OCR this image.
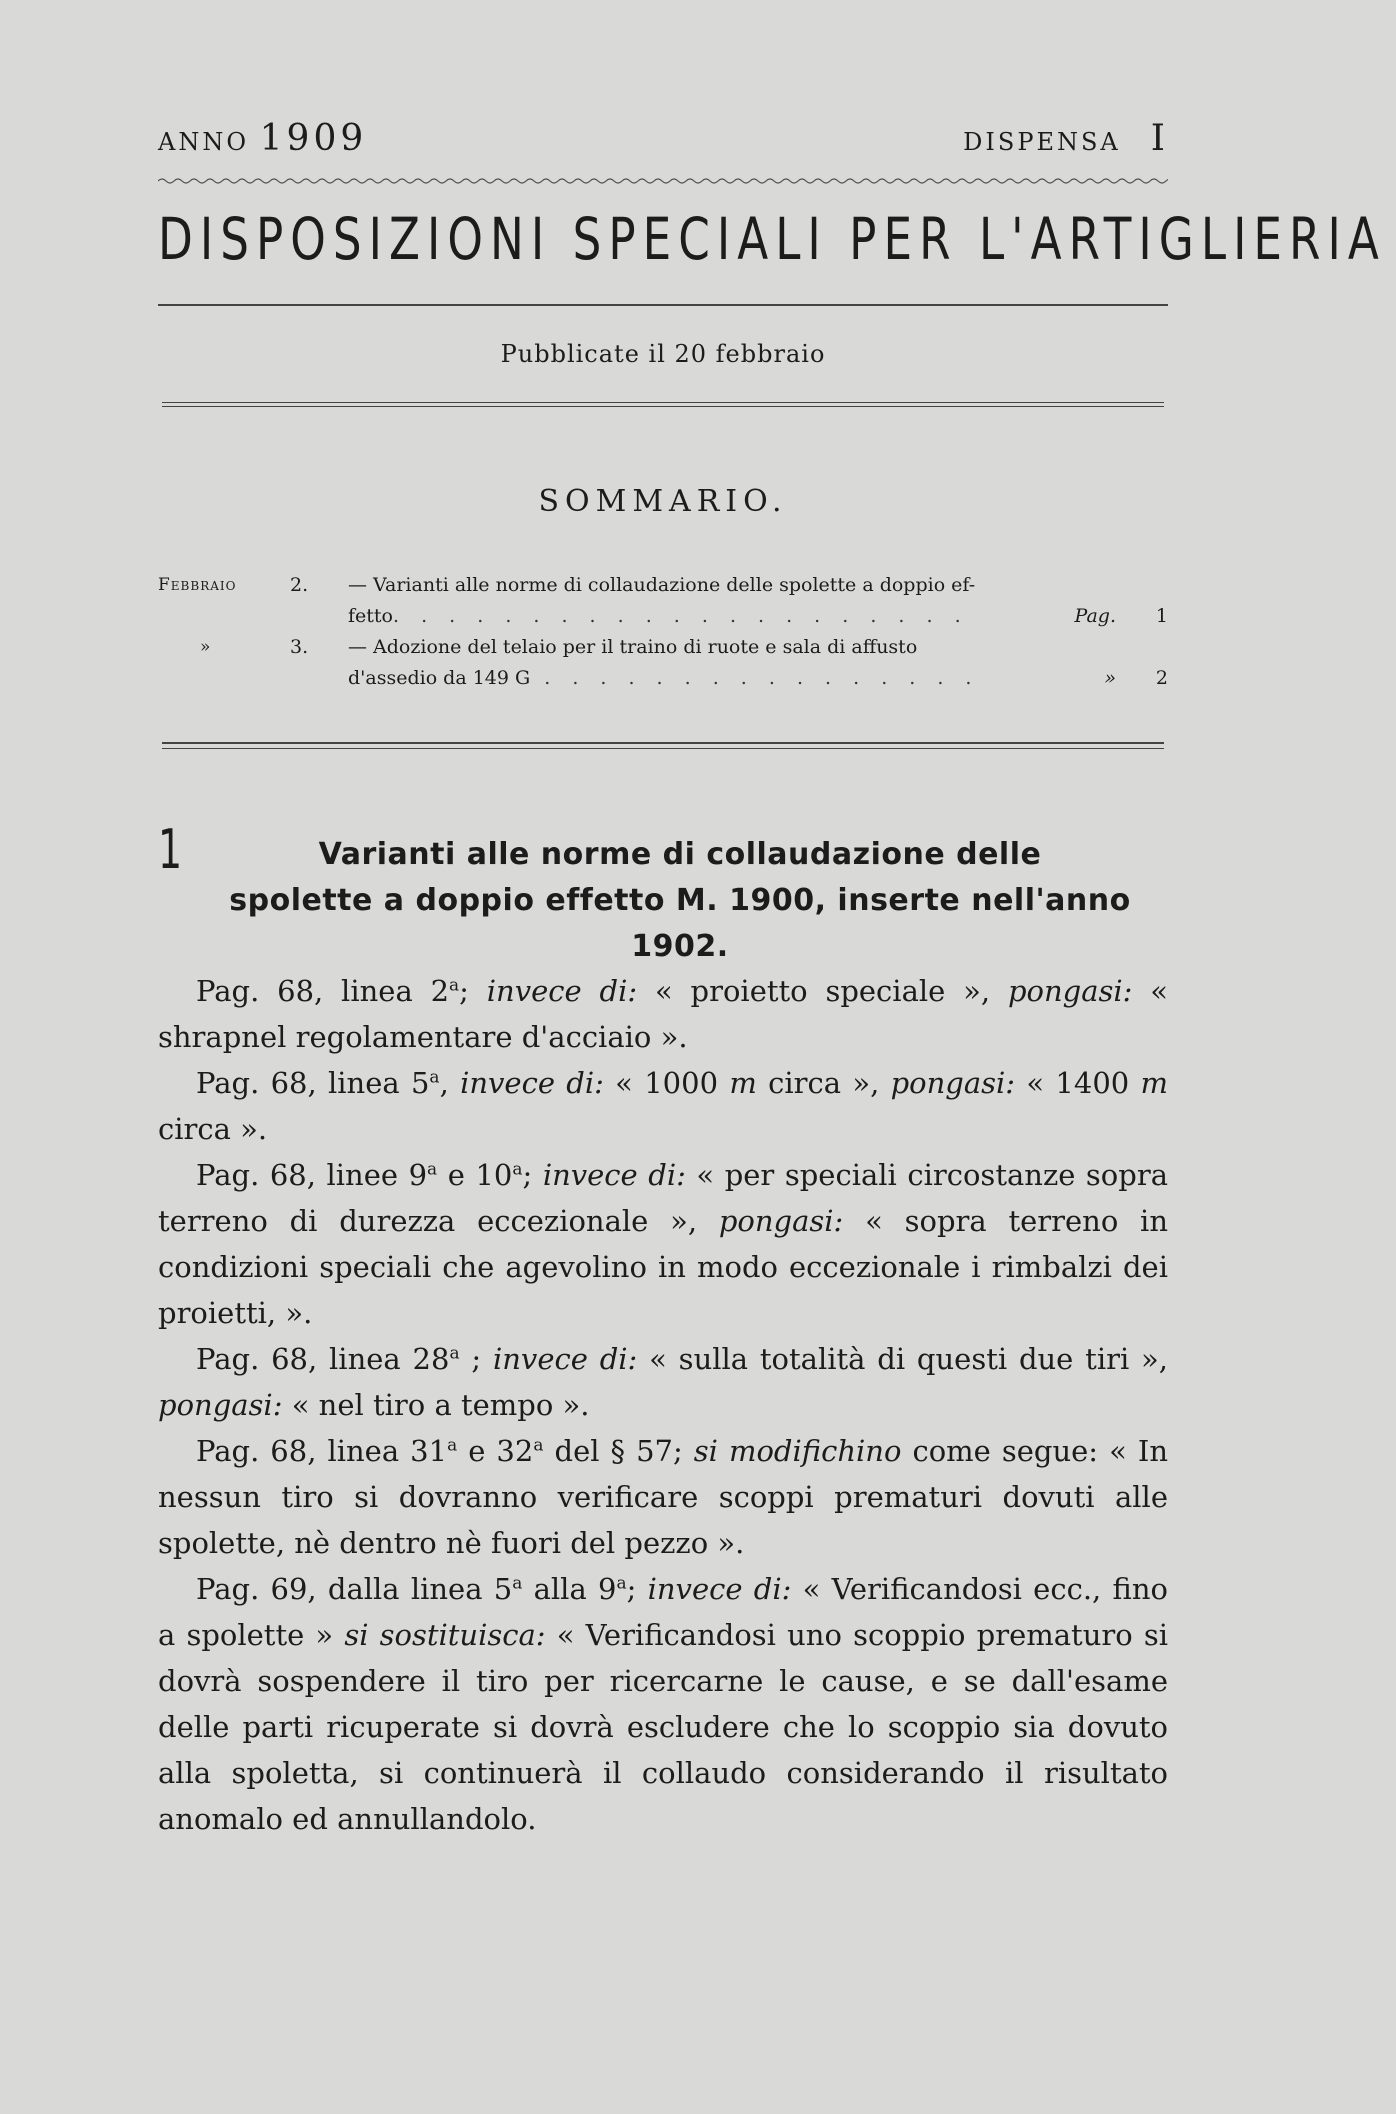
ANNO 1909	DISPENSA I
DISPOSIZIONI SPECIALI PER L'ARTIGLIERIA
Pubblicate il 20 febbraio
SOMMARIO.
Febbraio	2. — Varianti alle norme di collaudazione delle spolette a doppio ef-
fetto. . . . . . . . . . . . . . . . . . . . .	Pag. 1
»	3. — Adozione del telaio per il traino di ruote e sala di affusto
d'assedio da 149 G . . . . . . . . . . . . . . . .	» 2
1	Varianti alle norme di collaudazione delle
spolette a doppio effetto M. 1900, inserte nell'anno 1902.

Pag. 68, linea 2$^a$; invece di: « proietto speciale », pongasi: « shrapnel regolamentare d'acciaio ».

Pag. 68, linea 5$^a$, invece di: « 1000 m circa », pongasi: « 1400 m circa ».

Pag. 68, linee 9$^a$ e 10$^a$; invece di: « per speciali circostanze sopra terreno di durezza eccezionale », pongasi: « sopra terreno in condizioni speciali che agevolino in modo eccezionale i rimbalzi dei proietti, ».

Pag. 68, linea 28$^a$ ; invece di: « sulla totalità di questi due tiri », pongasi: « nel tiro a tempo ».

Pag. 68, linea 31$^a$ e 32$^a$ del § 57; si modifichino come segue: « In nessun tiro si dovranno verificare scoppi prematuri dovuti alle spolette, nè dentro nè fuori del pezzo ».

Pag. 69, dalla linea 5$^a$ alla 9$^a$; invece di: « Verificandosi ecc., fino a spolette » si sostituisca: « Verificandosi uno scoppio prematuro si dovrà sospendere il tiro per ricercarne le cause, e se dall'esame delle parti ricuperate si dovrà escludere che lo scoppio sia dovuto alla spoletta, si continuerà il collaudo considerando il risultato anomalo ed annullandolo.
